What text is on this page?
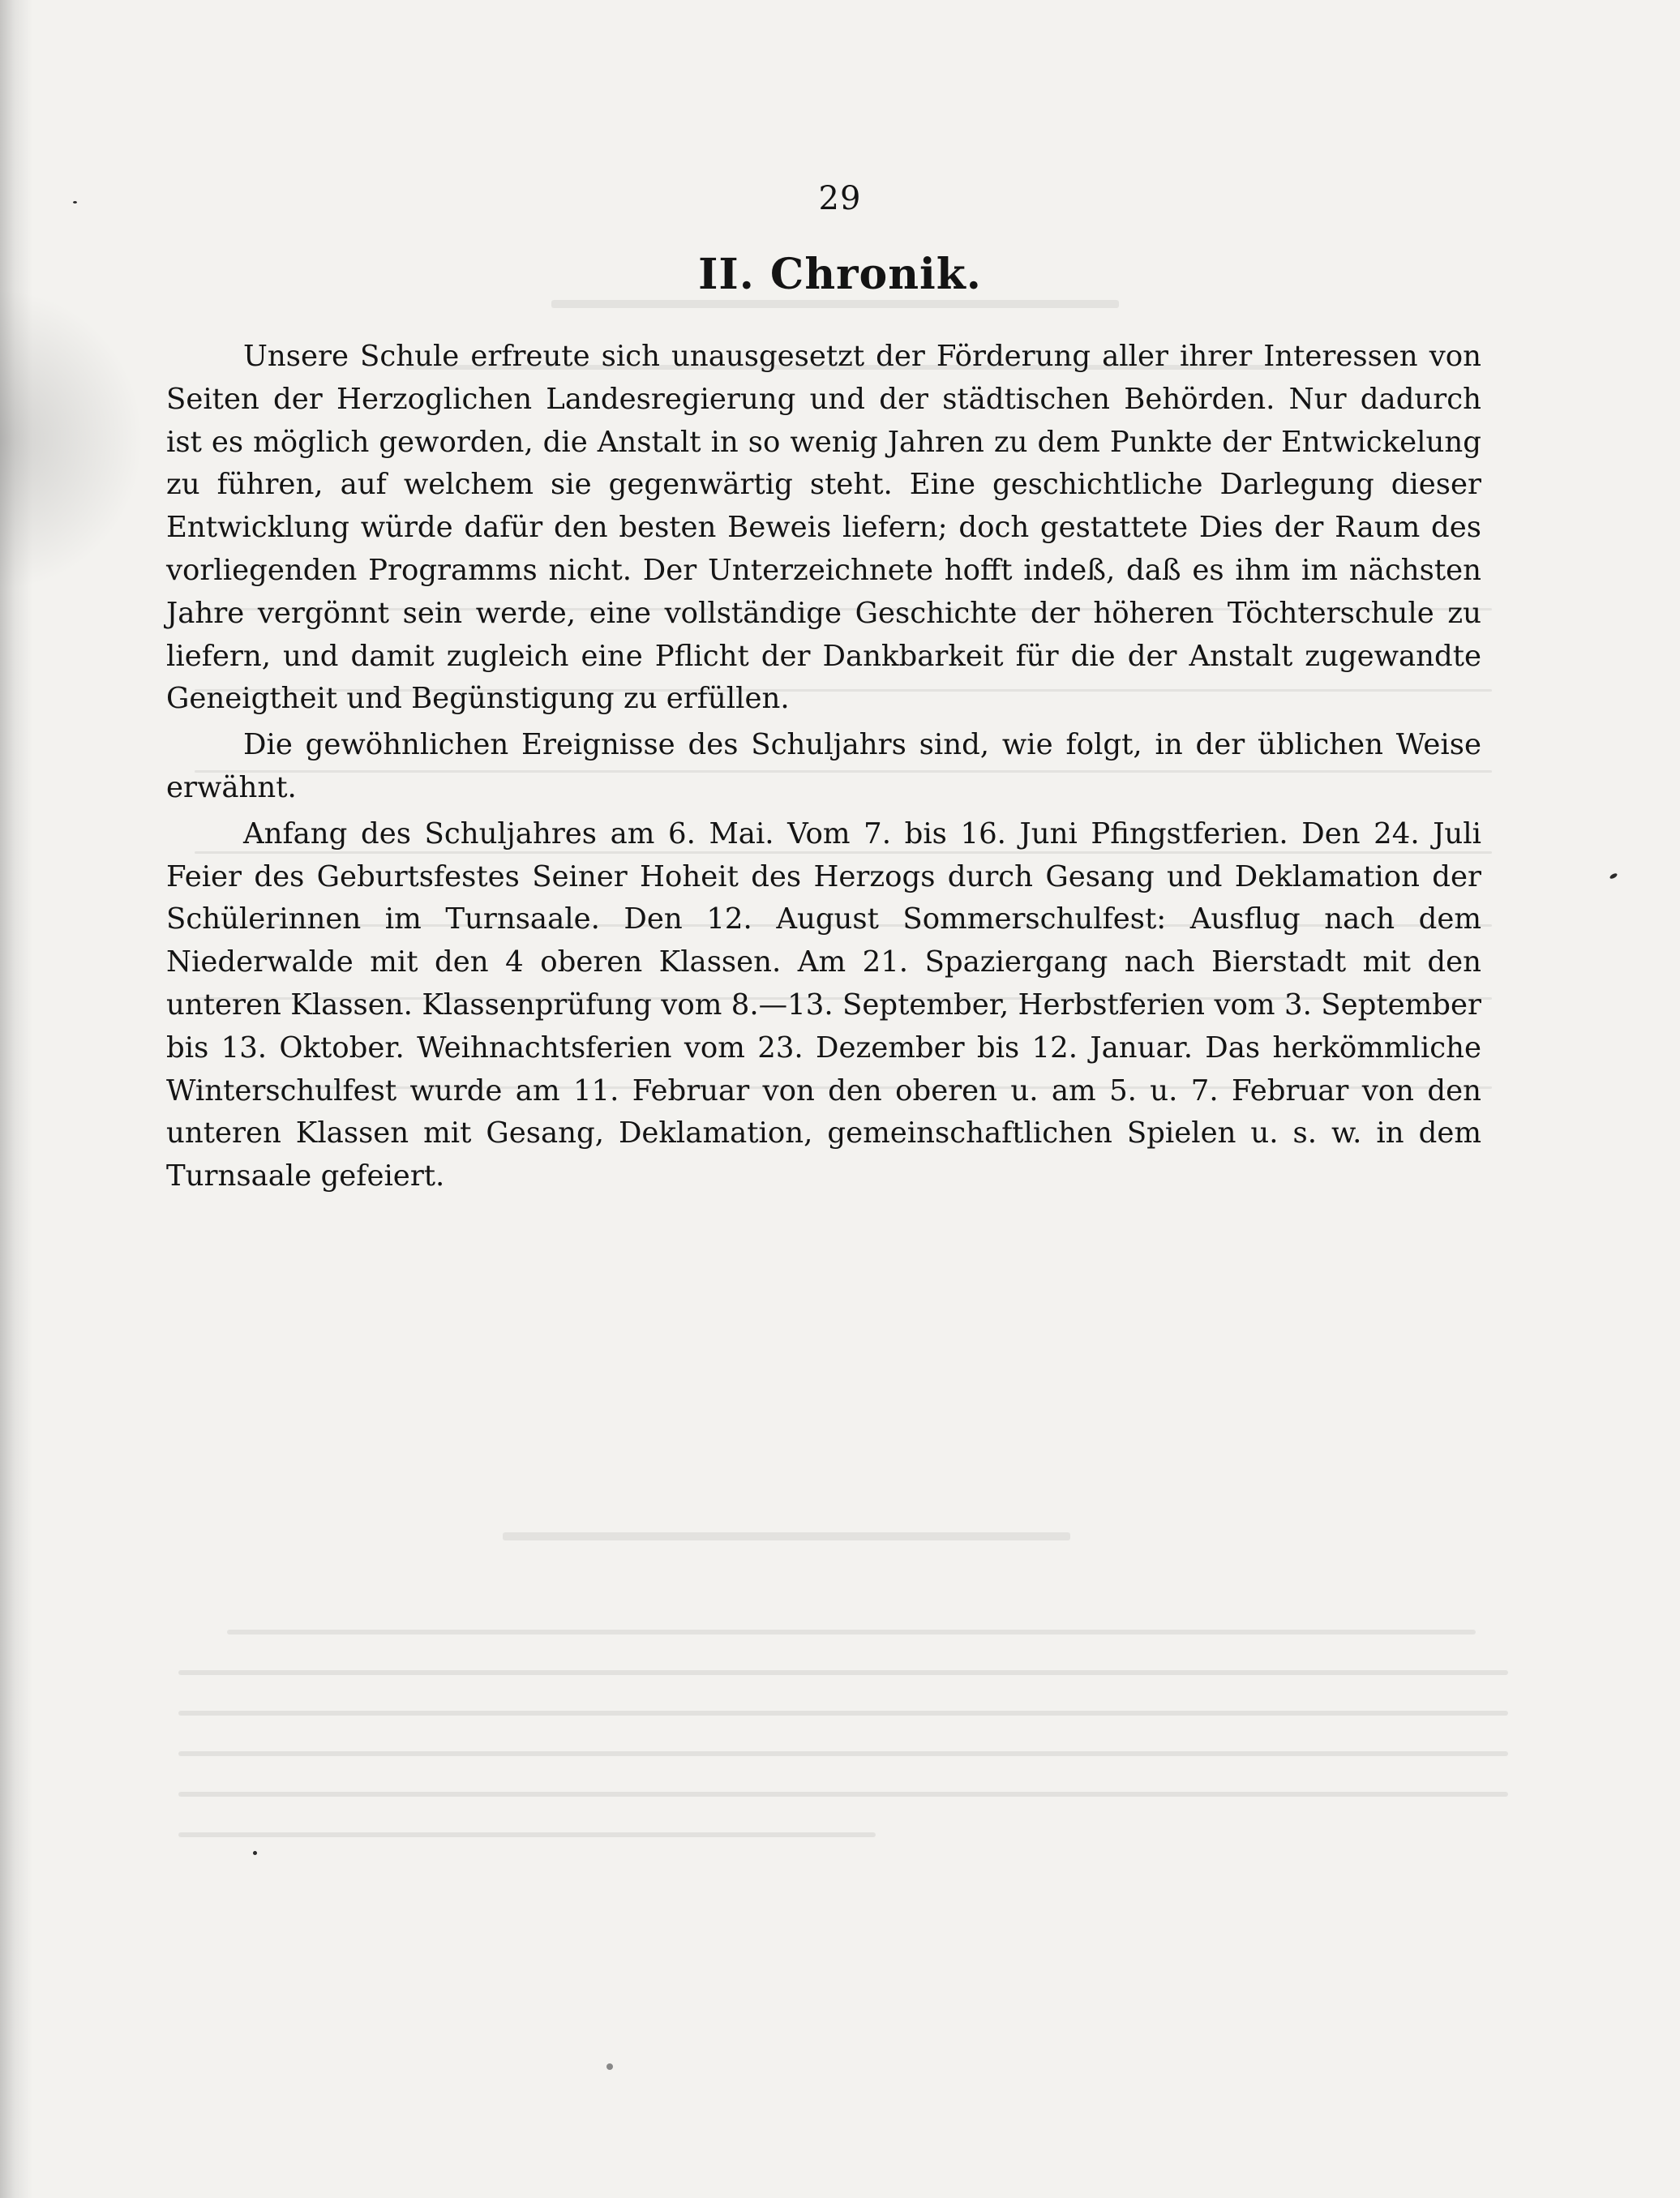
29
II. Chronik.

Unsere Schule erfreute sich unausgesetzt der Förderung aller ihrer Interessen von Seiten der Herzoglichen Landesregierung und der städtischen Behörden. Nur dadurch ist es möglich geworden, die Anstalt in so wenig Jahren zu dem Punkte der Entwickelung zu führen, auf welchem sie gegenwärtig steht. Eine geschichtliche Darlegung dieser Entwicklung würde dafür den besten Beweis liefern; doch gestattete Dies der Raum des vorliegenden Programms nicht. Der Unterzeichnete hofft indeß, daß es ihm im nächsten Jahre vergönnt sein werde, eine vollständige Geschichte der höheren Töchterschule zu liefern, und damit zugleich eine Pflicht der Dankbarkeit für die der Anstalt zugewandte Geneigtheit und Begünstigung zu erfüllen.

Die gewöhnlichen Ereignisse des Schuljahrs sind, wie folgt, in der üblichen Weise erwähnt.

Anfang des Schuljahres am 6. Mai. Vom 7. bis 16. Juni Pfingstferien. Den 24. Juli Feier des Geburtsfestes Seiner Hoheit des Herzogs durch Gesang und Deklamation der Schülerinnen im Turnsaale. Den 12. August Sommerschulfest: Ausflug nach dem Niederwalde mit den 4 oberen Klassen. Am 21. Spaziergang nach Bierstadt mit den unteren Klassen. Klassenprüfung vom 8.—13. September, Herbstferien vom 3. September bis 13. Oktober. Weihnachtsferien vom 23. Dezember bis 12. Januar. Das herkömmliche Winterschulfest wurde am 11. Februar von den oberen u. am 5. u. 7. Februar von den unteren Klassen mit Gesang, Deklamation, gemeinschaftlichen Spielen u. s. w. in dem Turnsaale gefeiert.
